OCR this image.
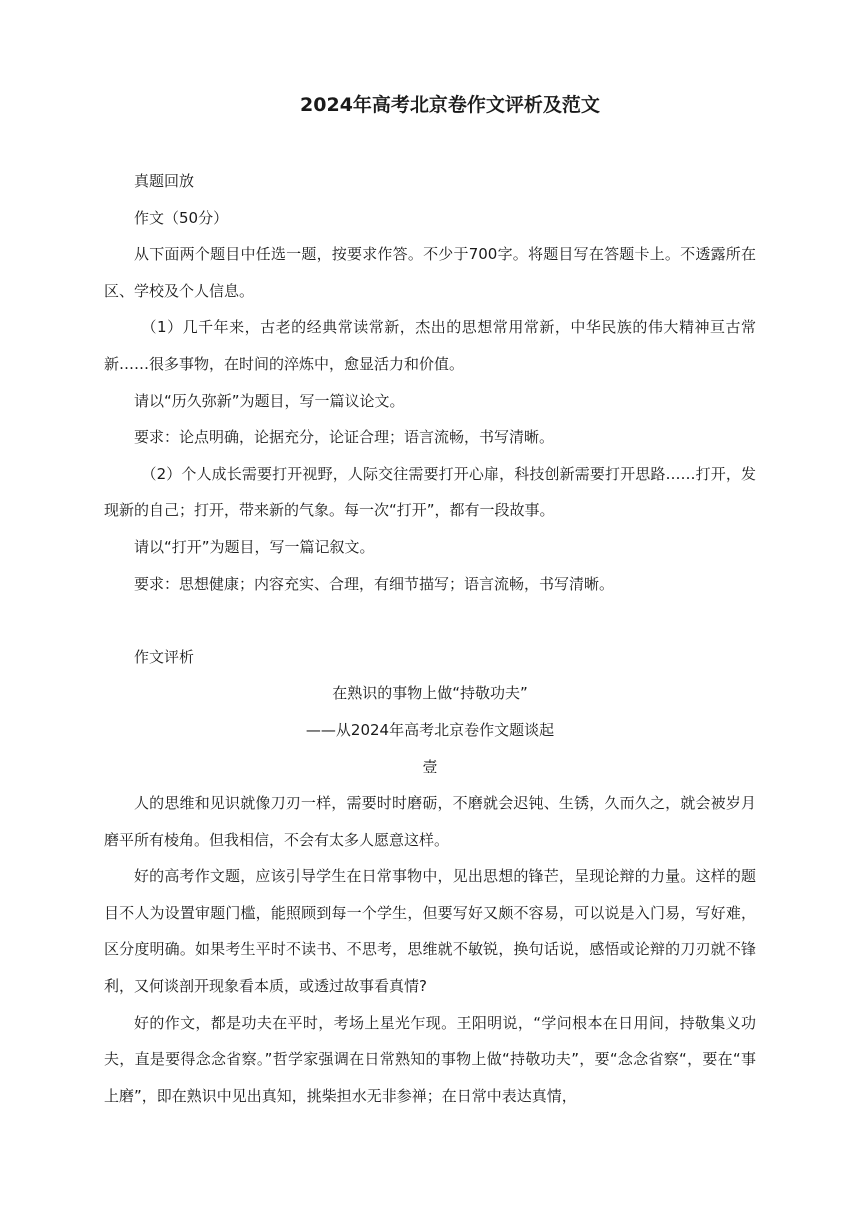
2024年高考北京卷作文评析及范文

真题回放

作文（50分）

从下面两个题目中任选一题，按要求作答。不少于700字。将题目写在答题卡上。不透露所在区、学校及个人信息。

（1）几千年来，古老的经典常读常新，杰出的思想常用常新，中华民族的伟大精神亘古常新……很多事物，在时间的淬炼中，愈显活力和价值。

请以“历久弥新”为题目，写一篇议论文。

要求：论点明确，论据充分，论证合理；语言流畅，书写清晰。

（2）个人成长需要打开视野，人际交往需要打开心扉，科技创新需要打开思路……打开，发现新的自己；打开，带来新的气象。每一次“打开”，都有一段故事。

请以“打开”为题目，写一篇记叙文。

要求：思想健康；内容充实、合理，有细节描写；语言流畅，书写清晰。

作文评析

在熟识的事物上做“持敬功夫”

——从2024年高考北京卷作文题谈起

壹

人的思维和见识就像刀刃一样，需要时时磨砺，不磨就会迟钝、生锈，久而久之，就会被岁月磨平所有棱角。但我相信，不会有太多人愿意这样。

好的高考作文题，应该引导学生在日常事物中，见出思想的锋芒，呈现论辩的力量。这样的题目不人为设置审题门槛，能照顾到每一个学生，但要写好又颇不容易，可以说是入门易，写好难，区分度明确。如果考生平时不读书、不思考，思维就不敏锐，换句话说，感悟或论辩的刀刃就不锋利，又何谈剖开现象看本质，或透过故事看真情?

好的作文，都是功夫在平时，考场上星光乍现。王阳明说，“学问根本在日用间，持敬集义功夫，直是要得念念省察。”哲学家强调在日常熟知的事物上做“持敬功夫”，要“念念省察“，要在“事上磨”，即在熟识中见出真知，挑柴担水无非参禅；在日常中表达真情，
